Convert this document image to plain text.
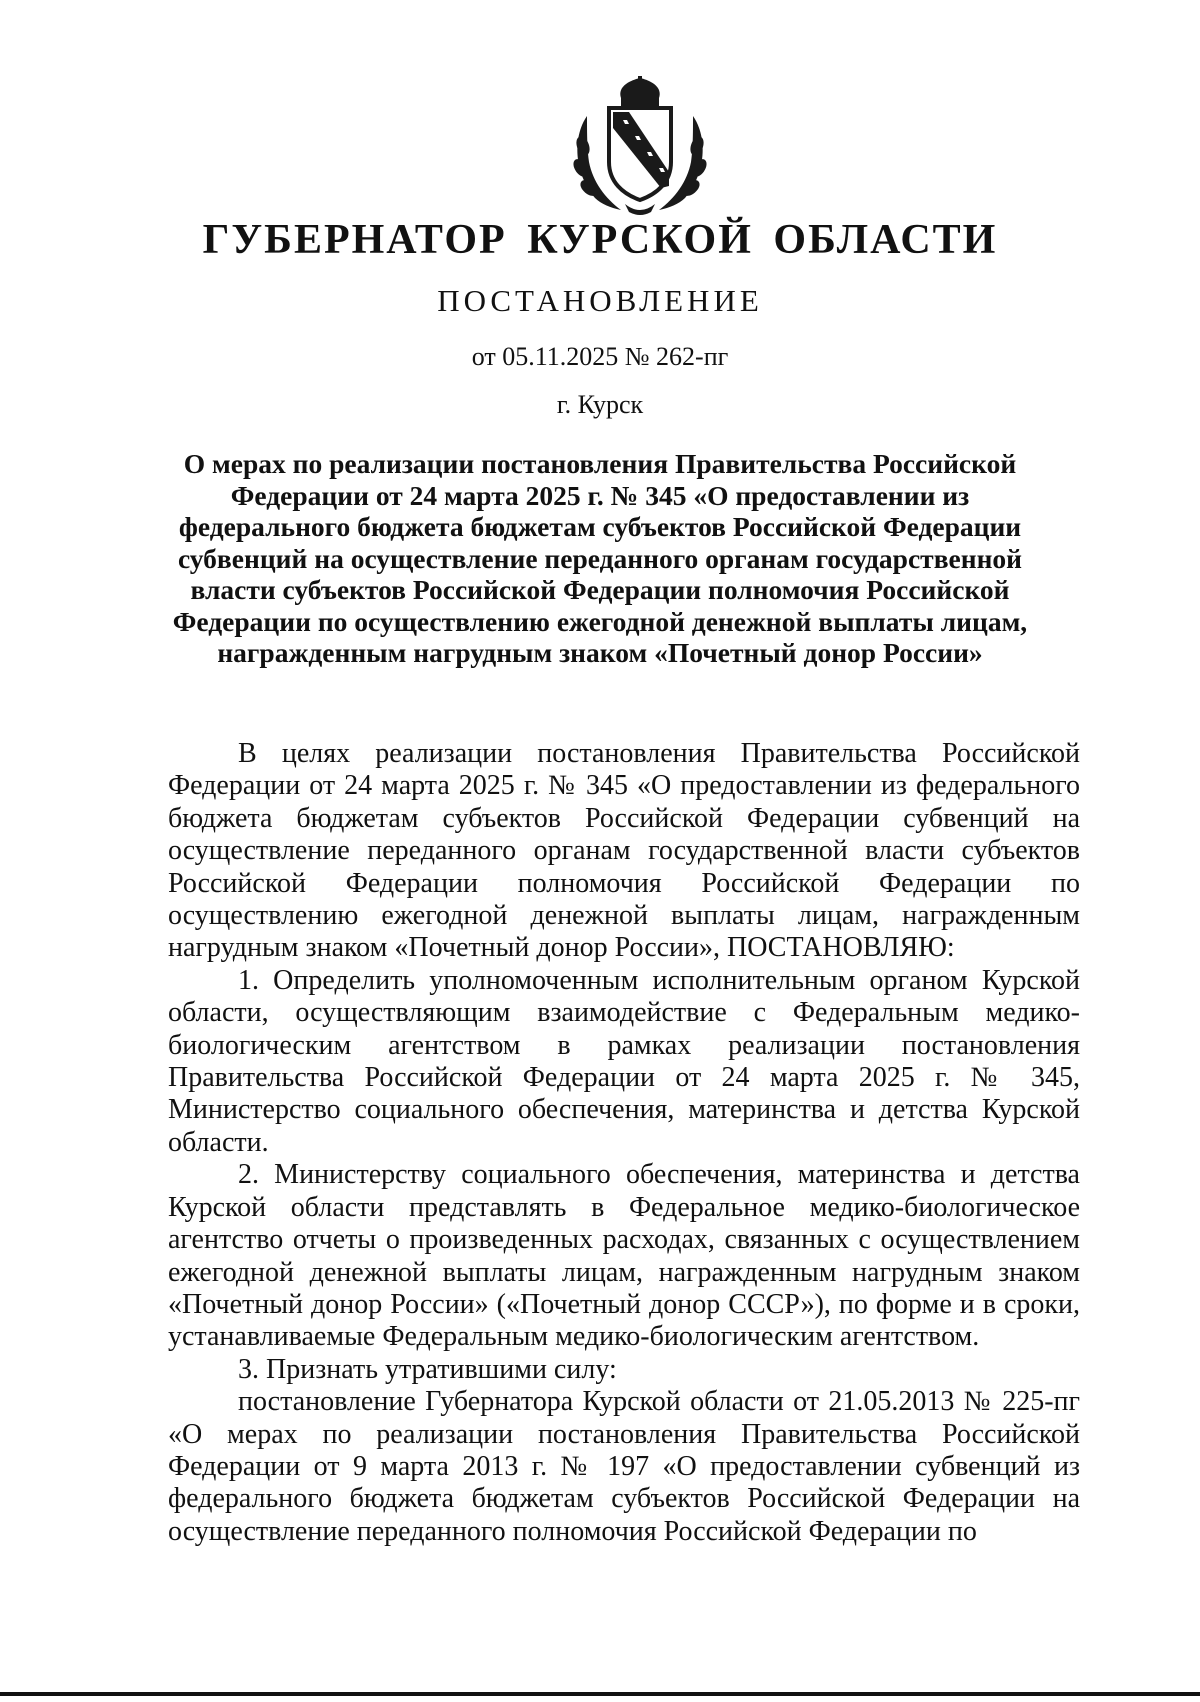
ГУБЕРНАТОР КУРСКОЙ ОБЛАСТИ
ПОСТАНОВЛЕНИЕ
от 05.11.2025 № 262-пг
г. Курск
О мерах по реализации постановления Правительства Российской
Федерации от 24 марта 2025 г. № 345 «О предоставлении из
федерального бюджета бюджетам субъектов Российской Федерации
субвенций на осуществление переданного органам государственной
власти субъектов Российской Федерации полномочия Российской
Федерации по осуществлению ежегодной денежной выплаты лицам,
награжденным нагрудным знаком «Почетный донор России»

В целях реализации постановления Правительства Российской Федерации от 24 марта 2025 г. № 345 «О предоставлении из федерального бюджета бюджетам субъектов Российской Федерации субвенций на осуществление переданного органам государственной власти субъектов Российской Федерации полномочия Российской Федерации по осуществлению ежегодной денежной выплаты лицам, награжденным нагрудным знаком «Почетный донор России», ПОСТАНОВЛЯЮ:

1. Определить уполномоченным исполнительным органом Курской области, осуществляющим взаимодействие с Федеральным медико-биологическим агентством в рамках реализации постановления Правительства Российской Федерации от 24 марта 2025 г. № 345, Министерство социального обеспечения, материнства и детства Курской области.

2. Министерству социального обеспечения, материнства и детства Курской области представлять в Федеральное медико-биологическое агентство отчеты о произведенных расходах, связанных с осуществлением ежегодной денежной выплаты лицам, награжденным нагрудным знаком «Почетный донор России» («Почетный донор СССР»), по форме и в сроки, устанавливаемые Федеральным медико-биологическим агентством.

3. Признать утратившими силу:

постановление Губернатора Курской области от 21.05.2013 № 225-пг «О мерах по реализации постановления Правительства Российской Федерации от 9 марта 2013 г. № 197 «О предоставлении субвенций из федерального бюджета бюджетам субъектов Российской Федерации на осуществление переданного полномочия Российской Федерации по
